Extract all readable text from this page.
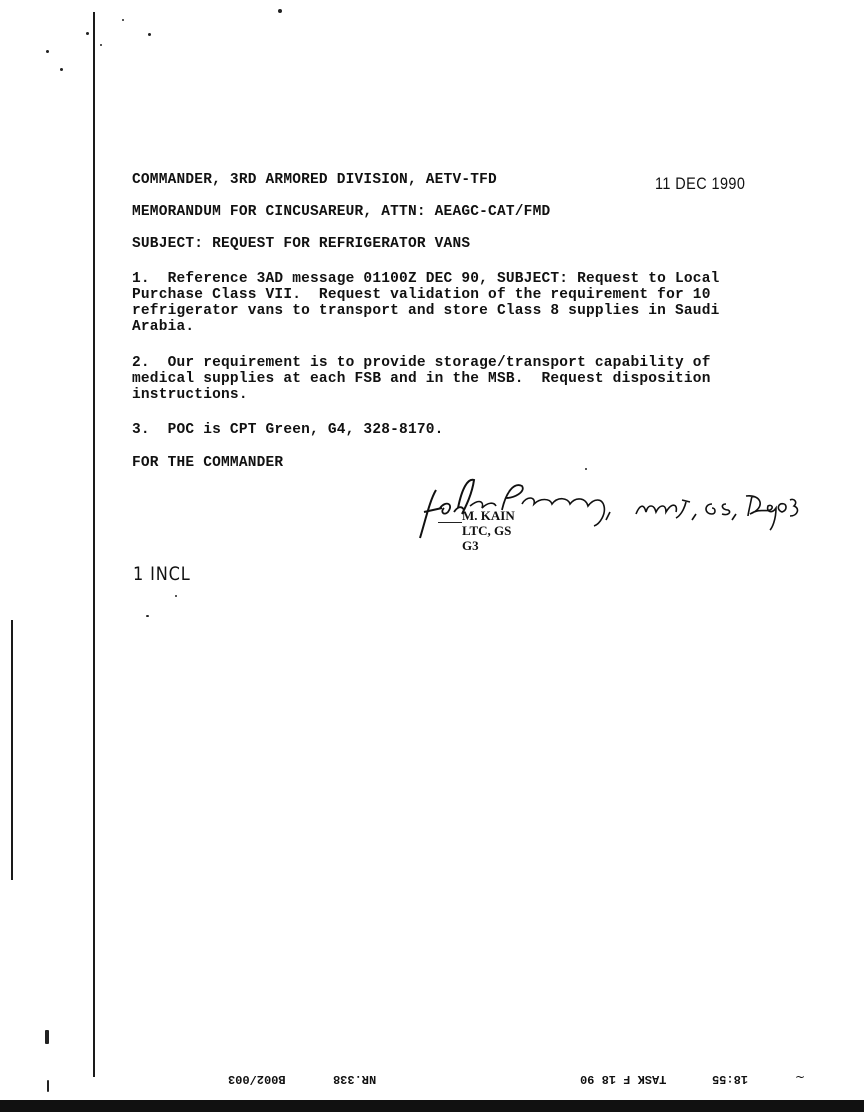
COMMANDER, 3RD ARMORED DIVISION, AETV-TFD	11 DEC 1990
MEMORANDUM FOR CINCUSAREUR, ATTN: AEAGC-CAT/FMD
SUBJECT: REQUEST FOR REFRIGERATOR VANS
1.  Reference 3AD message 01100Z DEC 90, SUBJECT: Request to Local
Purchase Class VII.  Request validation of the requirement for 10
refrigerator vans to transport and store Class 8 supplies in Saudi
Arabia.
2.  Our requirement is to provide storage/transport capability of
medical supplies at each FSB and in the MSB.  Request disposition
instructions.
3.  POC is CPT Green, G4, 328-8170.
FOR THE COMMANDER
M. KAIN
LTC, GS
G3
1 INCL
B002/003	NR.338	TASK F 18 90	18:55	~
